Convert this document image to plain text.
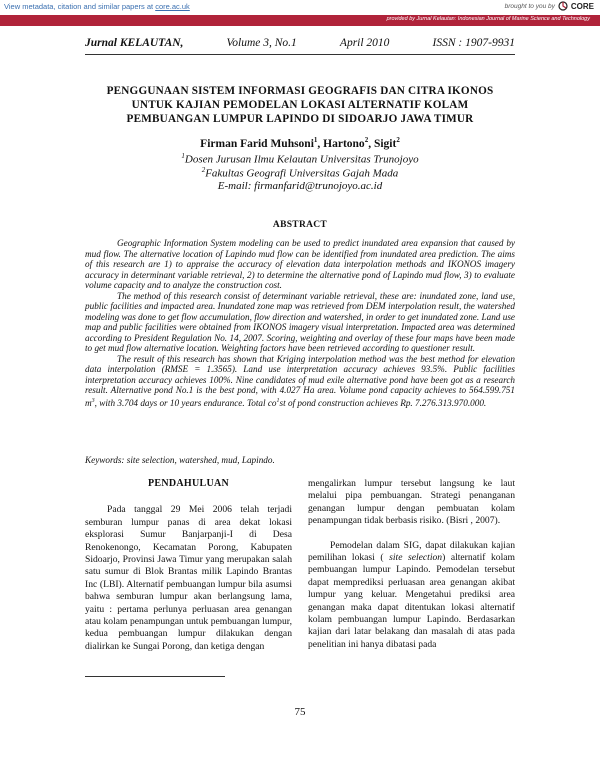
View metadata, citation and similar papers at core.ac.uk	brought to you by CORE
provided by Jurnal Kelautan: Indonesian Journal of Marine Science and Technology
Jurnal KELAUTAN,	Volume 3, No.1	April 2010	ISSN : 1907-9931
PENGGUNAAN SISTEM INFORMASI GEOGRAFIS DAN CITRA IKONOS
UNTUK KAJIAN PEMODELAN LOKASI ALTERNATIF KOLAM
PEMBUANGAN LUMPUR LAPINDO DI SIDOARJO JAWA TIMUR
Firman Farid Muhsoni$^1$, Hartono$^2$, Sigit$^2$
$^1$Dosen Jurusan Ilmu Kelautan Universitas Trunojoyo
$^2$Fakultas Geografi Universitas Gajah Mada
E-mail: firmanfarid@trunojoyo.ac.id
ABSTRACT

Geographic Information System modeling can be used to predict inundated area expansion that caused by mud flow. The alternative location of Lapindo mud flow can be identified from inundated area prediction. The aims of this research are 1) to appraise the accuracy of elevation data interpolation methods and IKONOS imagery accuracy in determinant variable retrieval, 2) to determine the alternative pond of Lapindo mud flow, 3) to evaluate volume capacity and to analyze the construction cost.

The method of this research consist of determinant variable retrieval, these are: inundated zone, land use, public facilities and impacted area. Inundated zone map was retrieved from DEM interpolation result, the watershed modeling was done to get flow accumulation, flow direction and watershed, in order to get inundated zone. Land use map and public facilities were obtained from IKONOS imagery visual interpretation. Impacted area was determined according to President Regulation No. 14, 2007. Scoring, weighting and overlay of these four maps have been made to get mud flow alternative location. Weighting factors have been retrieved according to questioner result.

The result of this research has shown that Kriging interpolation method was the best method for elevation data interpolation (RMSE = 1.3565). Land use interpretation accuracy achieves 93.5%. Public facilities interpretation accuracy achieves 100%. Nine candidates of mud exile alternative pond have been got as a research result. Alternative pond No.1 is the best pond, with 4.027 Ha area. Volume pond capacity achieves to 564.599.751 $m^3$, with 3.704 days or 10 years endurance. Total $co^1st$ of pond construction achieves Rp. 7.276.313.970.000.

Keywords: site selection, watershed, mud, Lapindo.
PENDAHULUAN

Pada tanggal 29 Mei 2006 telah terjadi semburan lumpur panas di area dekat lokasi eksplorasi Sumur Banjarpanji-I di Desa Renokenongo, Kecamatan Porong, Kabupaten Sidoarjo, Provinsi Jawa Timur yang merupakan salah satu sumur di Blok Brantas milik Lapindo Brantas Inc (LBI). Alternatif pembuangan lumpur bila asumsi bahwa semburan lumpur akan berlangsung lama, yaitu : pertama perlunya perluasan area genangan atau kolam penampungan untuk pembuangan lumpur, kedua pembuangan lumpur dilakukan dengan dialirkan ke Sungai Porong, dan ketiga dengan

mengalirkan lumpur tersebut langsung ke laut melalui pipa pembuangan. Strategi penanganan genangan lumpur dengan pembuatan kolam penampungan tidak berbasis risiko. (Bisri , 2007).

Pemodelan dalam SIG, dapat dilakukan kajian pemilihan lokasi ( site selection) alternatif kolam pembuangan lumpur Lapindo. Pemodelan tersebut dapat memprediksi perluasan area genangan akibat lumpur yang keluar. Mengetahui prediksi area genangan maka dapat ditentukan lokasi alternatif kolam pembuangan lumpur Lapindo. Berdasarkan kajian dari latar belakang dan masalah di atas pada penelitian ini hanya dibatasi pada

75
